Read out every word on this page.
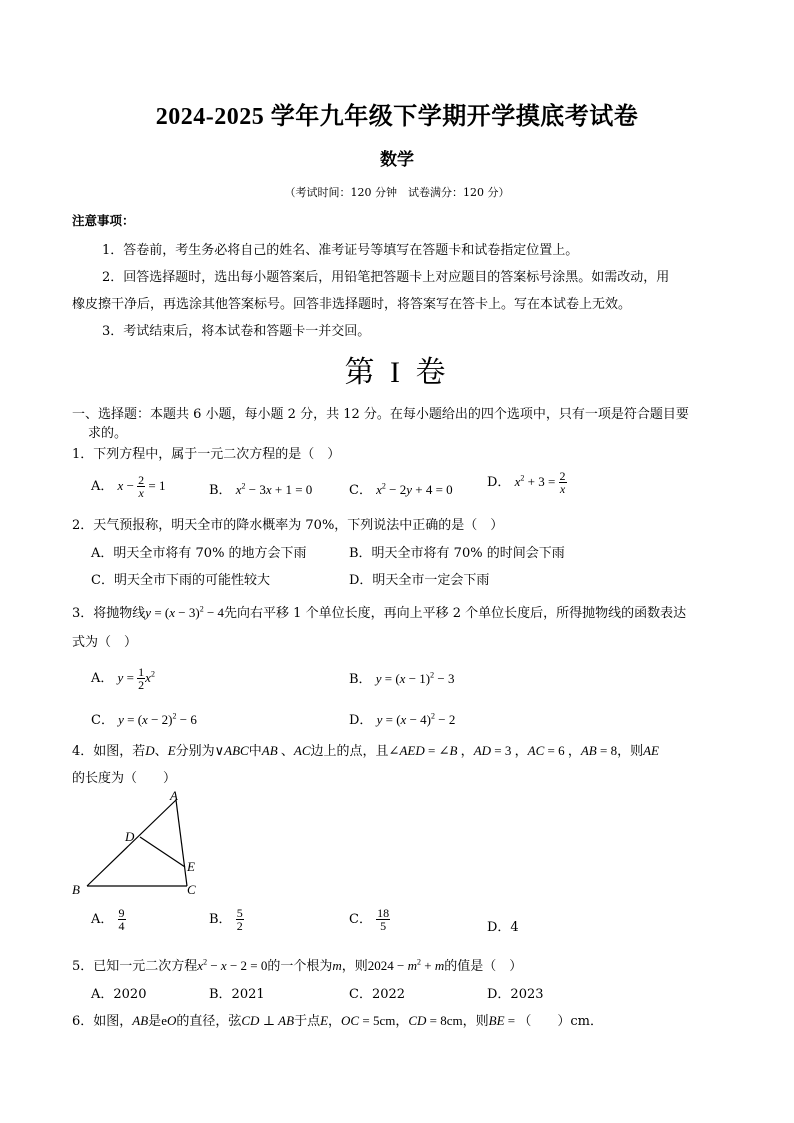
2024-2025 学年九年级下学期开学摸底考试卷
数学
（考试时间：120 分钟　试卷满分：120 分）
注意事项：
1．答卷前，考生务必将自己的姓名、准考证号等填写在答题卡和试卷指定位置上。
2．回答选择题时，选出每小题答案后，用铅笔把答题卡上对应题目的答案标号涂黑。如需改动，用
橡皮擦干净后，再选涂其他答案标号。回答非选择题时，将答案写在答卡上。写在本试卷上无效。
3．考试结束后，将本试卷和答题卡一并交回。
第 I 卷
一、选择题：本题共 6 小题，每小题 2 分，共 12 分。在每小题给出的四个选项中，只有一项是符合题目要
求的。
1．下列方程中，属于一元二次方程的是（　）
A． $x - \frac{2}{x} = 1$	B． $x^2 - 3x + 1 = 0$	C． $x^2 - 2y + 4 = 0$	D． $x^2 + 3 = \frac{2}{x}$
2．天气预报称，明天全市的降水概率为 70%，下列说法中正确的是（　）
A．明天全市将有 70% 的地方会下雨	B．明天全市将有 70% 的时间会下雨
C．明天全市下雨的可能性较大	D．明天全市一定会下雨
3．将抛物线$y = (x - 3)^2 - 4$先向右平移 1 个单位长度，再向上平移 2 个单位长度后，所得抛物线的函数表达
式为（　）
A． $y = \frac{1}{2} x^2$	B． $y = (x - 1)^2 - 3$
C． $y = (x - 2)^2 - 6$	D． $y = (x - 4)^2 - 2$
4．如图，若D、E分别为∨ABC中AB 、AC边上的点，且∠AED = ∠B ，AD = 3 ，AC = 6 ，AB = 8，则AE
的长度为（　　）
A
D
E
B	C
A． $\frac{9}{4}$	B． $\frac{5}{2}$	C． $\frac{18}{5}$	D．4
5．已知一元二次方程$x^2 - x - 2 = 0$的一个根为m，则$2024 - m^2 + m$的值是（　）
A．2020	B．2021	C．2022	D．2023
6．如图，AB是eO的直径，弦CD ⊥ AB于点E，OC = 5cm，CD = 8cm，则BE = （　　）cm．
